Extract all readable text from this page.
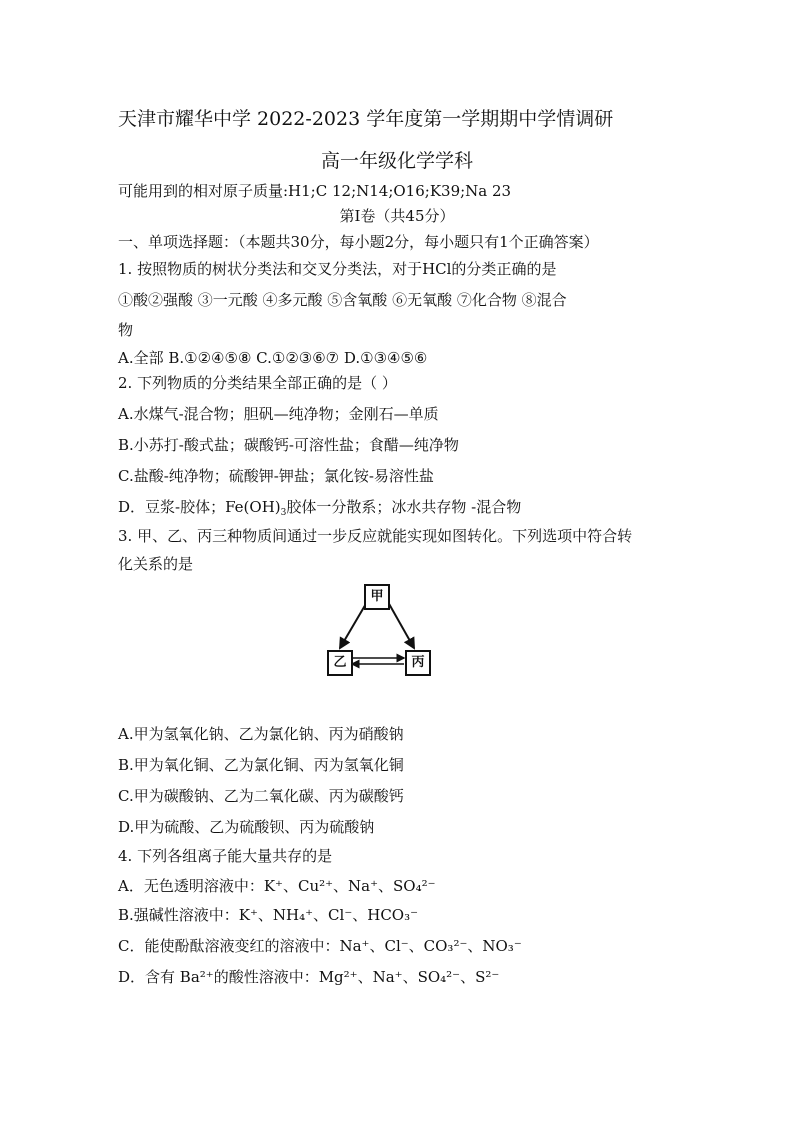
天津市耀华中学 2022-2023 学年度第一学期期中学情调研
高一年级化学学科
可能用到的相对原子质量:H1;C 12;N14;O16;K39;Na 23
第Ⅰ卷（共45分）
一、单项选择题：（本题共30分，每小题2分，每小题只有1个正确答案）
1. 按照物质的树状分类法和交叉分类法，对于HCl的分类正确的是
①酸②强酸 ③一元酸 ④多元酸 ⑤含氧酸 ⑥无氧酸 ⑦化合物 ⑧混合
物
A.全部 B.①②④⑤⑧ C.①②③⑥⑦ D.①③④⑤⑥
2. 下列物质的分类结果全部正确的是（ ）
A.水煤气-混合物；胆矾—纯净物；金刚石—单质
B.小苏打-酸式盐；碳酸钙-可溶性盐；食醋—纯净物
C.盐酸-纯净物；硫酸钾-钾盐；氯化铵-易溶性盐
D．豆浆-胶体；$Fe(OH)_3$胶体一分散系；冰水共存物 -混合物
3. 甲、乙、丙三种物质间通过一步反应就能实现如图转化。下列选项中符合转
化关系的是
甲
乙	丙
A.甲为氢氧化钠、乙为氯化钠、丙为硝酸钠
B.甲为氧化铜、乙为氯化铜、丙为氢氧化铜
C.甲为碳酸钠、乙为二氧化碳、丙为碳酸钙
D.甲为硫酸、乙为硫酸钡、丙为硫酸钠
4. 下列各组离子能大量共存的是
A．无色透明溶液中：K⁺、Cu²⁺、Na⁺、SO₄²⁻
B.强碱性溶液中：K⁺、NH₄⁺、Cl⁻、HCO₃⁻
C．能使酚酞溶液变红的溶液中：Na⁺、Cl⁻、CO₃²⁻、NO₃⁻
D．含有 Ba²⁺的酸性溶液中：Mg²⁺、Na⁺、SO₄²⁻、S²⁻
